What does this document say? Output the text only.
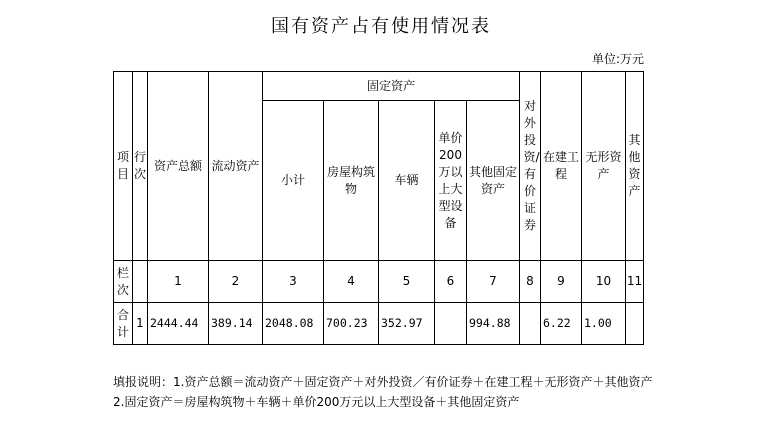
国有资产占有使用情况表
单位:万元
项目	行次	资产总额	流动资产	固定资产					对外投资/有价证券	在建工程	无形资产	其他资产
				小计	房屋构筑物	车辆	单价200万以上大型设备	其他固定资产				
栏次		1	2	3	4	5	6	7	8	9	10	11
合计	1	2444.44	389.14	2048.08	700.23	352.97		994.88		6.22	1.00	
填报说明：1.资产总额＝流动资产＋固定资产＋对外投资／有价证券＋在建工程＋无形资产＋其他资产
2.固定资产＝房屋构筑物＋车辆＋单价200万元以上大型设备＋其他固定资产
